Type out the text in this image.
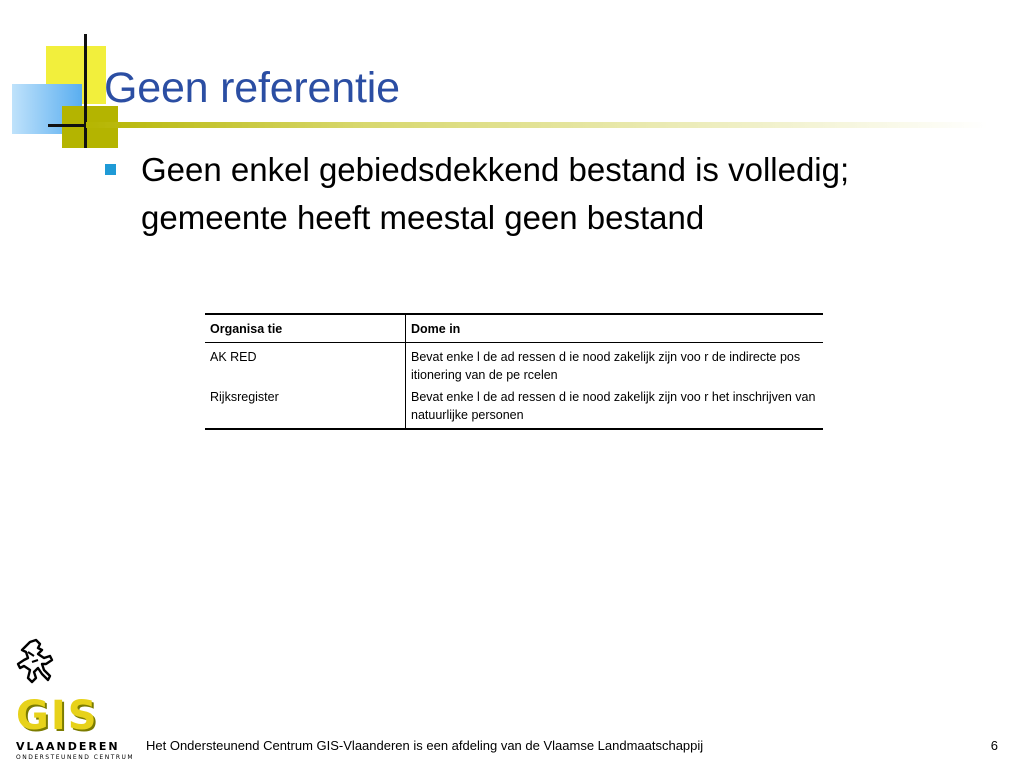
Geen referentie
Geen enkel gebiedsdekkend bestand is volledig; gemeente heeft meestal geen bestand
Organisa tie	Dome in
AK RED	Bevat enke l de ad ressen d ie nood zakelijk zijn voo r de indirecte pos itionering van de pe rcelen
Rijksregister	Bevat enke l de ad ressen d ie nood zakelijk zijn voo r het inschrijven van natuurlijke personen
GIS
VLAANDEREN
ONDERSTEUNEND CENTRUM
Het Ondersteunend Centrum GIS-Vlaanderen is een afdeling van de Vlaamse Landmaatschappij	6
